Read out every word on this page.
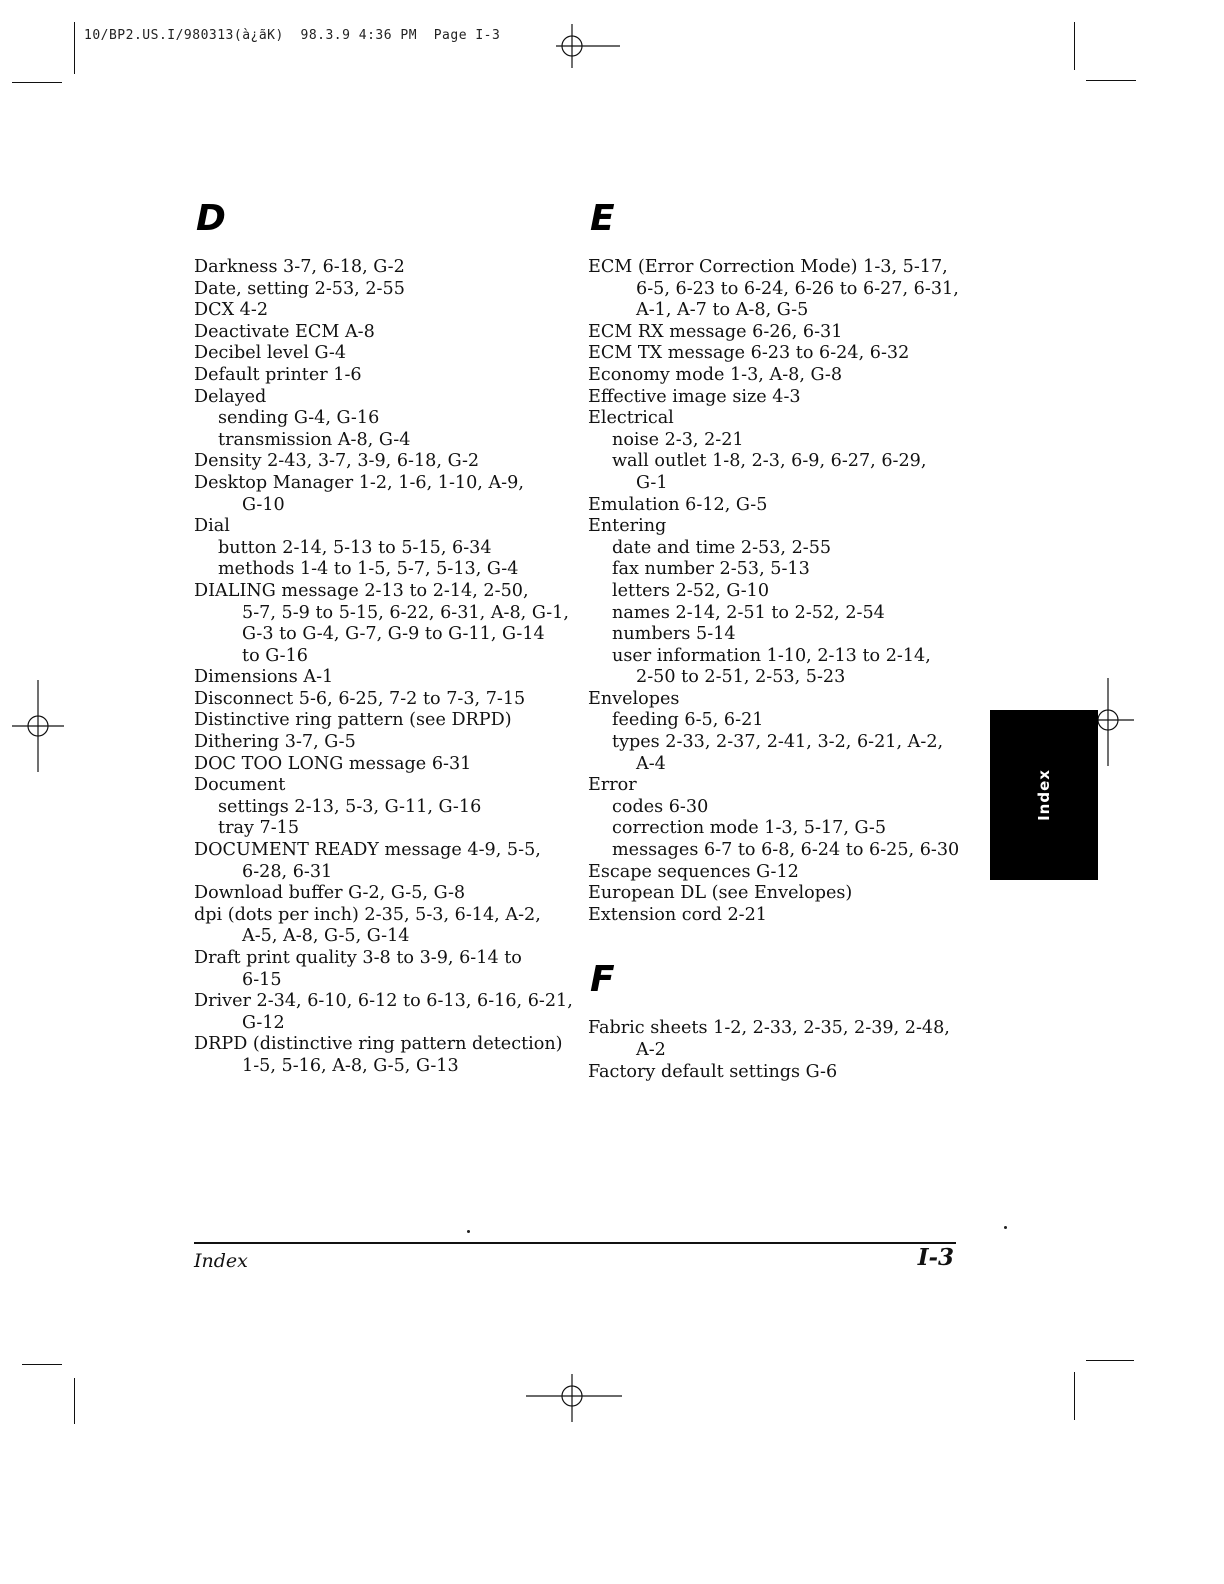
10/BP2.US.I/980313(à¿ãK)  98.3.9 4:36 PM  Page I-3
D
Darkness 3-7, 6-18, G-2
Date, setting 2-53, 2-55
DCX 4-2
Deactivate ECM A-8
Decibel level G-4
Default printer 1-6
Delayed
sending G-4, G-16
transmission A-8, G-4
Density 2-43, 3-7, 3-9, 6-18, G-2
Desktop Manager 1-2, 1-6, 1-10, A-9,
G-10
Dial
button 2-14, 5-13 to 5-15, 6-34
methods 1-4 to 1-5, 5-7, 5-13, G-4
DIALING message 2-13 to 2-14, 2-50,
5-7, 5-9 to 5-15, 6-22, 6-31, A-8, G-1,
G-3 to G-4, G-7, G-9 to G-11, G-14
to G-16
Dimensions A-1
Disconnect 5-6, 6-25, 7-2 to 7-3, 7-15
Distinctive ring pattern (see DRPD)
Dithering 3-7, G-5
DOC TOO LONG message 6-31
Document
settings 2-13, 5-3, G-11, G-16
tray 7-15
DOCUMENT READY message 4-9, 5-5,
6-28, 6-31
Download buffer G-2, G-5, G-8
dpi (dots per inch) 2-35, 5-3, 6-14, A-2,
A-5, A-8, G-5, G-14
Draft print quality 3-8 to 3-9, 6-14 to
6-15
Driver 2-34, 6-10, 6-12 to 6-13, 6-16, 6-21,
G-12
DRPD (distinctive ring pattern detection)
1-5, 5-16, A-8, G-5, G-13
E
ECM (Error Correction Mode) 1-3, 5-17,
6-5, 6-23 to 6-24, 6-26 to 6-27, 6-31,
A-1, A-7 to A-8, G-5
ECM RX message 6-26, 6-31
ECM TX message 6-23 to 6-24, 6-32
Economy mode 1-3, A-8, G-8
Effective image size 4-3
Electrical
noise 2-3, 2-21
wall outlet 1-8, 2-3, 6-9, 6-27, 6-29,
G-1
Emulation 6-12, G-5
Entering
date and time 2-53, 2-55
fax number 2-53, 5-13
letters 2-52, G-10
names 2-14, 2-51 to 2-52, 2-54
numbers 5-14
user information 1-10, 2-13 to 2-14,
2-50 to 2-51, 2-53, 5-23
Envelopes
feeding 6-5, 6-21
types 2-33, 2-37, 2-41, 3-2, 6-21, A-2,
A-4
Error
codes 6-30
correction mode 1-3, 5-17, G-5
messages 6-7 to 6-8, 6-24 to 6-25, 6-30
Escape sequences G-12
European DL (see Envelopes)
Extension cord 2-21
F
Fabric sheets 1-2, 2-33, 2-35, 2-39, 2-48,
A-2
Factory default settings G-6
Index
Index	I-3
